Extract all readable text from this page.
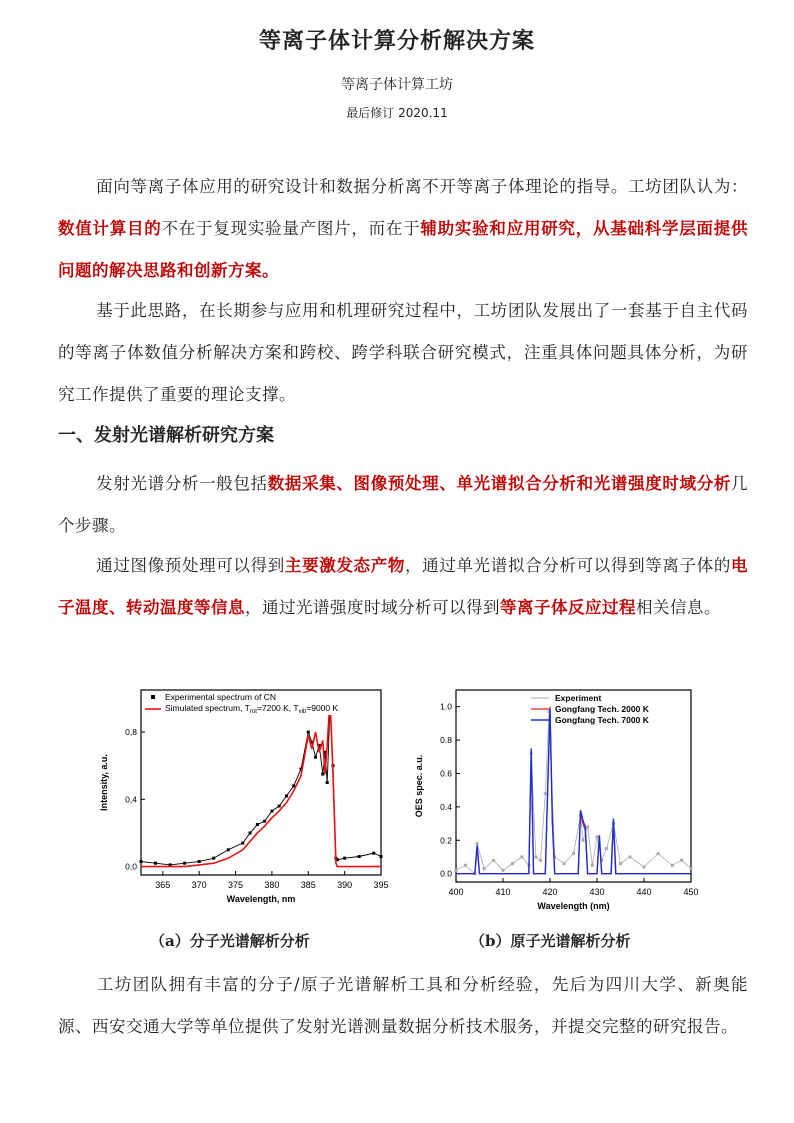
等离子体计算分析解决方案
等离子体计算工坊
最后修订 2020.11
面向等离子体应用的研究设计和数据分析离不开等离子体理论的指导。工坊团队认为：数值计算目的不在于复现实验量产图片，而在于辅助实验和应用研究，从基础科学层面提供问题的解决思路和创新方案。
基于此思路，在长期参与应用和机理研究过程中，工坊团队发展出了一套基于自主代码的等离子体数值分析解决方案和跨校、跨学科联合研究模式，注重具体问题具体分析，为研究工作提供了重要的理论支撑。
一、发射光谱解析研究方案
发射光谱分析一般包括数据采集、图像预处理、单光谱拟合分析和光谱强度时域分析几个步骤。
通过图像预处理可以得到主要激发态产物，通过单光谱拟合分析可以得到等离子体的电子温度、转动温度等信息，通过光谱强度时域分析可以得到等离子体反应过程相关信息。
365 370 375 380 385 390 395
0,0
0,4
0,8
Wavelength, nm
Intensity, a.u.
Experimental spectrum of CN
Simulated spectrum, $T_{rot}=7200$ K, $T_{vib}=9000$ K
400	410	420	430	440	450
0.0
0.2
0.4
0.6
0.8
1.0
Wavelength (nm)
OES spec. a.u.
Experiment
Gongfang Tech. 2000 K
Gongfang Tech. 7000 K
（a）分子光谱解析分析	（b）原子光谱解析分析
工坊团队拥有丰富的分子/原子光谱解析工具和分析经验，先后为四川大学、新奥能源、西安交通大学等单位提供了发射光谱测量数据分析技术服务，并提交完整的研究报告。
